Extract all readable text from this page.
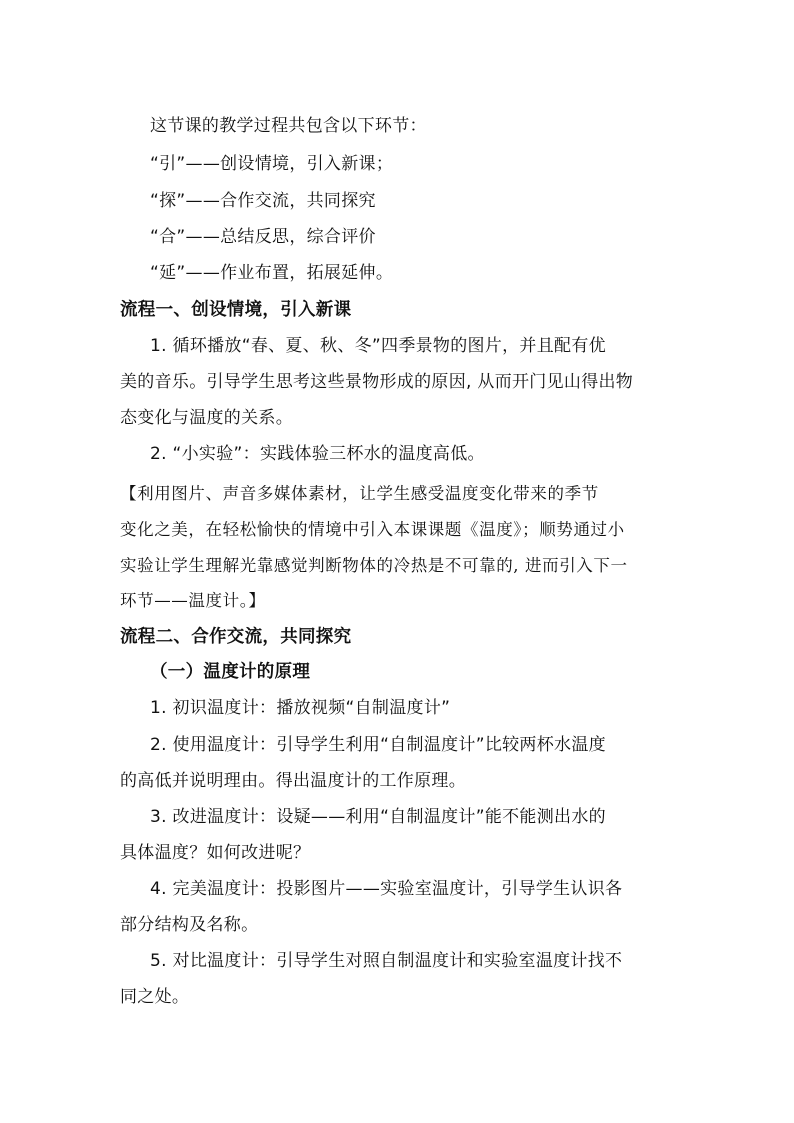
这节课的教学过程共包含以下环节：
“引”——创设情境，引入新课；
“探”——合作交流，共同探究
“合”——总结反思，综合评价
“延”——作业布置，拓展延伸。
流程一、创设情境，引入新课
1. 循环播放“春、夏、秋、冬”四季景物的图片，并且配有优
美的音乐。引导学生思考这些景物形成的原因, 从而开门见山得出物
态变化与温度的关系。
2. “小实验”：实践体验三杯水的温度高低。
【利用图片、声音多媒体素材，让学生感受温度变化带来的季节
变化之美，在轻松愉快的情境中引入本课课题《温度》；顺势通过小
实验让学生理解光靠感觉判断物体的冷热是不可靠的, 进而引入下一
环节——温度计。】
流程二、合作交流，共同探究
（一）温度计的原理
1. 初识温度计：播放视频“自制温度计”
2. 使用温度计：引导学生利用“自制温度计”比较两杯水温度
的高低并说明理由。得出温度计的工作原理。
3. 改进温度计：设疑——利用“自制温度计”能不能测出水的
具体温度？如何改进呢？
4. 完美温度计：投影图片——实验室温度计，引导学生认识各
部分结构及名称。
5. 对比温度计：引导学生对照自制温度计和实验室温度计找不
同之处。
